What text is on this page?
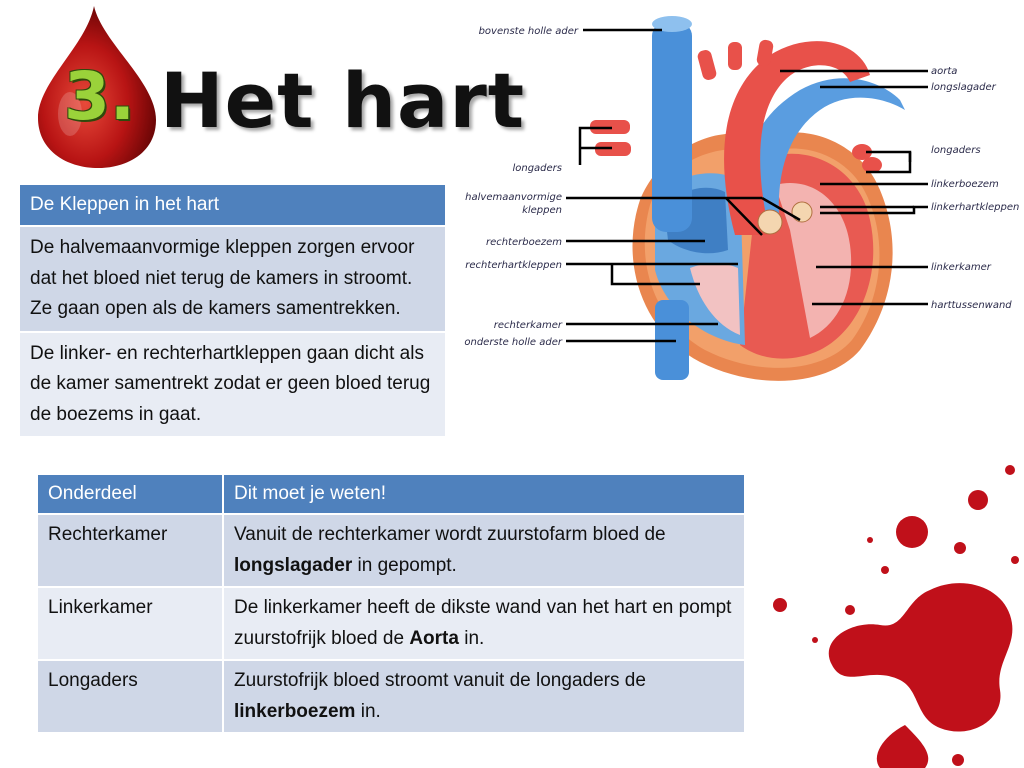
3. Het hart
De Kleppen in het hart
De halvemaanvormige kleppen zorgen ervoor dat het bloed niet terug de kamers in stroomt. Ze gaan open als de kamers samentrekken.
De linker- en rechterhartkleppen gaan dicht als de kamer samentrekt zodat er geen bloed terug de boezems in gaat.
Onderdeel	Dit moet je weten!
Rechterkamer	Vanuit de rechterkamer wordt zuurstofarm bloed de longslagader in gepompt.
Linkerkamer	De linkerkamer heeft de dikste wand van het hart en pompt zuurstofrijk bloed de Aorta in.
Longaders	Zuurstofrijk bloed stroomt vanuit de longaders de linkerboezem in.
bovenste holle ader
longaders
halvemaanvormige
kleppen
rechterboezem
rechterhartkleppen
rechterkamer
onderste holle ader
aorta
longslagader
longaders
linkerboezem
linkerhartkleppen
linkerkamer
harttussenwand
